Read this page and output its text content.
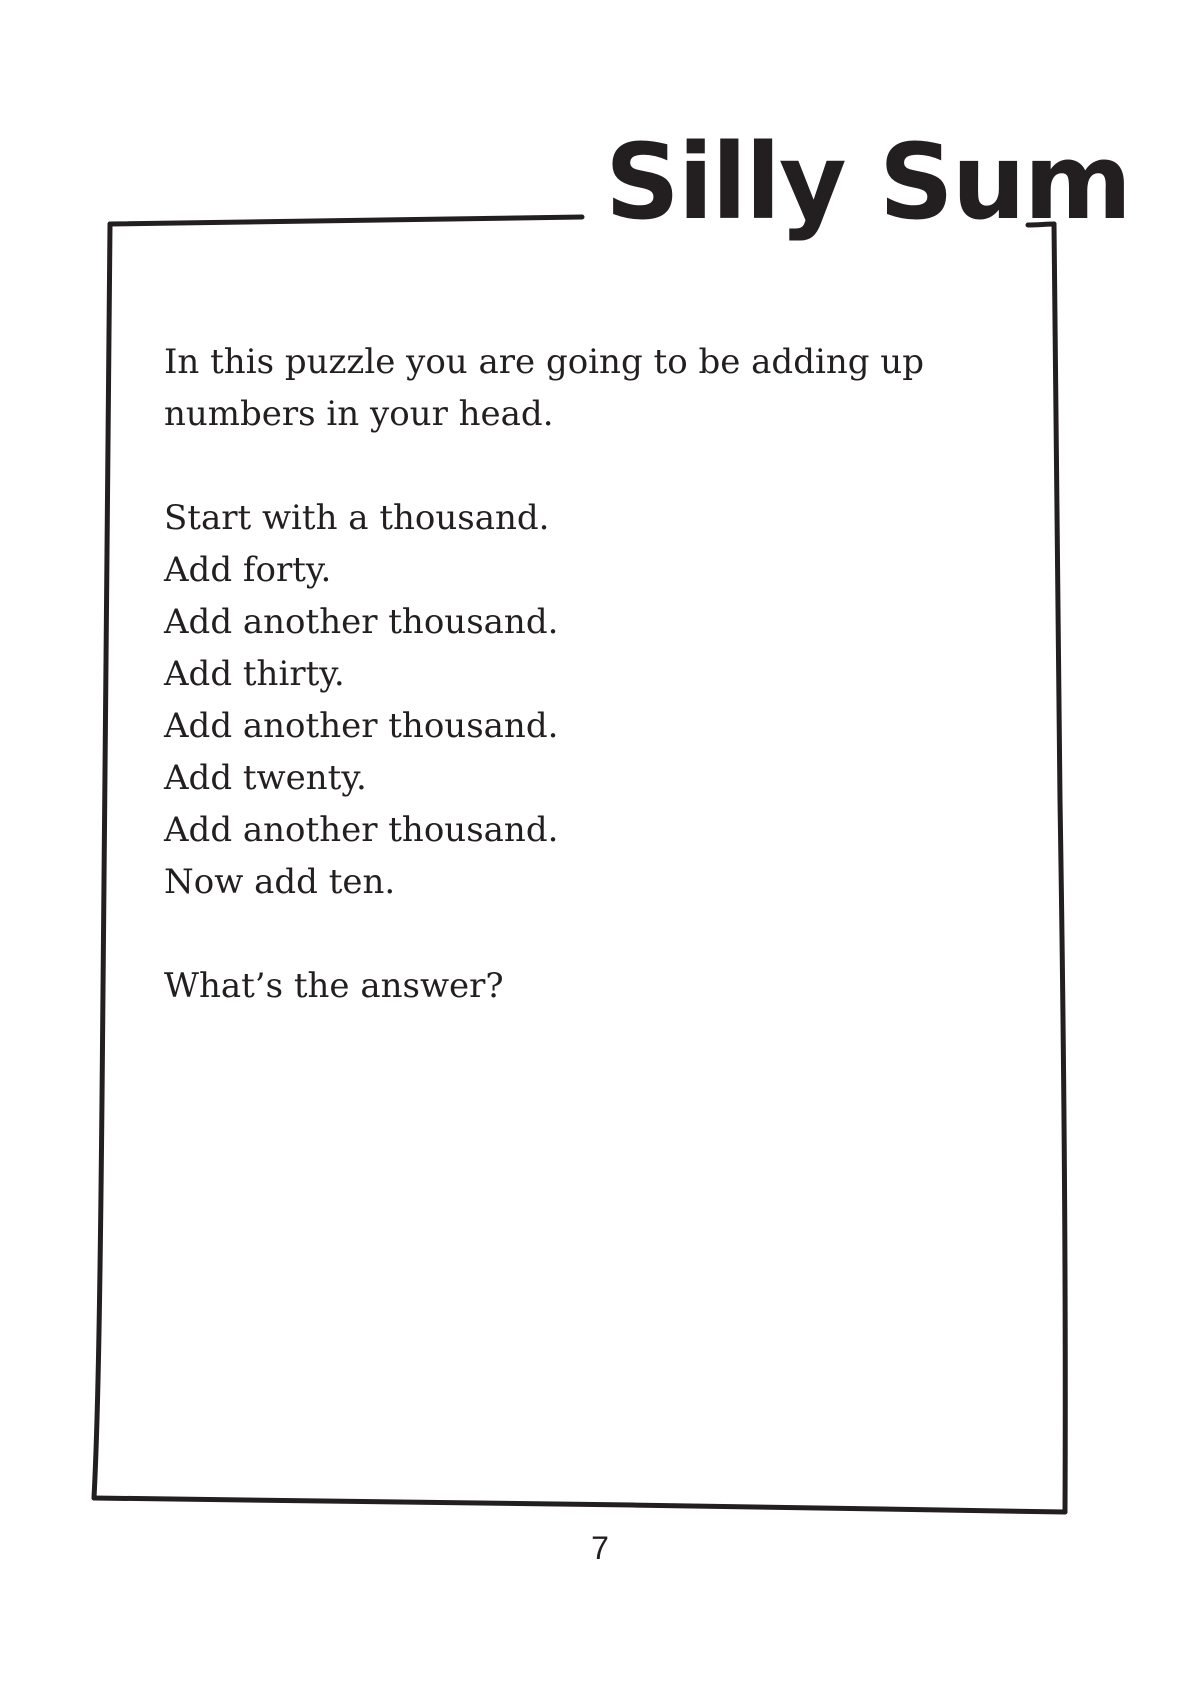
Silly Sum

In this puzzle you are going to be adding up numbers in your head.

Start with a thousand.
Add forty.
Add another thousand.
Add thirty.
Add another thousand.
Add twenty.
Add another thousand.
Now add ten.

What’s the answer?

7
